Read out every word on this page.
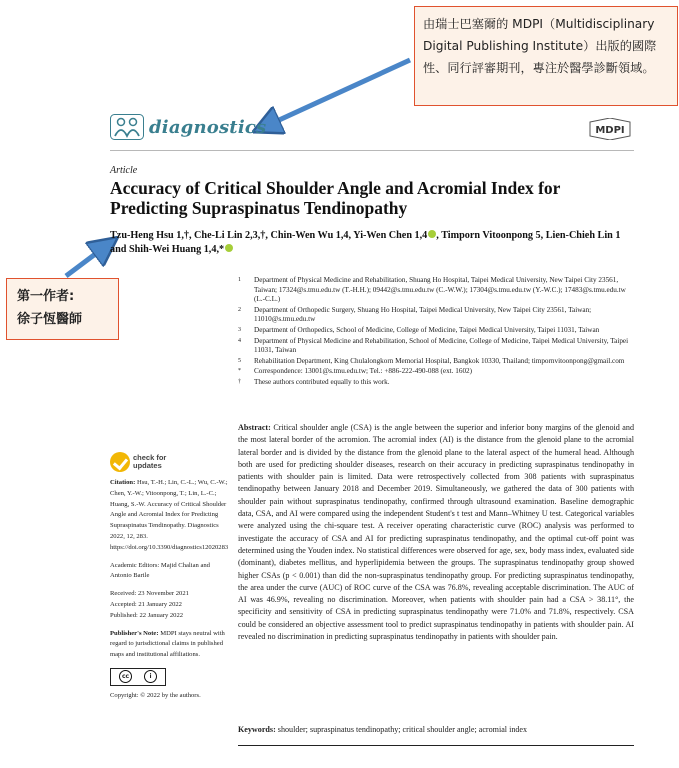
由瑞士巴塞爾的 MDPI（Multidisciplinary Digital Publishing Institute）出版的國際性、同行評審期刊，專注於醫學診斷領域。
第一作者:
徐子恆醫師
diagnostics	MDPI
Article
Accuracy of Critical Shoulder Angle and Acromial Index for Predicting Supraspinatus Tendinopathy
Tzu-Heng Hsu 1,†, Che-Li Lin 2,3,†, Chin-Wen Wu 1,4, Yi-Wen Chen 1,4 , Timporn Vitoonpong 5, Lien-Chieh Lin 1
and Shih-Wei Huang 1,4,*
1	Department of Physical Medicine and Rehabilitation, Shuang Ho Hospital, Taipei Medical University, New Taipei City 23561, Taiwan; 17324@s.tmu.edu.tw (T.-H.H.); 09442@s.tmu.edu.tw (C.-W.W.); 17304@s.tmu.edu.tw (Y.-W.C.); 17483@s.tmu.edu.tw (L.-C.L.)
2	Department of Orthopedic Surgery, Shuang Ho Hospital, Taipei Medical University, New Taipei City 23561, Taiwan; 11010@s.tmu.edu.tw
3	Department of Orthopedics, School of Medicine, College of Medicine, Taipei Medical University, Taipei 11031, Taiwan
4	Department of Physical Medicine and Rehabilitation, School of Medicine, College of Medicine, Taipei Medical University, Taipei 11031, Taiwan
5	Rehabilitation Department, King Chulalongkorn Memorial Hospital, Bangkok 10330, Thailand; timpornvitoonpong@gmail.com
*	Correspondence: 13001@s.tmu.edu.tw; Tel.: +886-222-490-088 (ext. 1602)
†	These authors contributed equally to this work.
check for
updates
Citation: Hsu, T.-H.; Lin, C.-L.; Wu, C.-W.; Chen, Y.-W.; Vitoonpong, T.; Lin, L.-C.; Huang, S.-W. Accuracy of Critical Shoulder Angle and Acromial Index for Predicting Supraspinatus Tendinopathy. Diagnostics 2022, 12, 283. https://doi.org/10.3390/diagnostics12020283
Academic Editors: Majid Chalian and Antonio Barile
Received: 23 November 2021
Accepted: 21 January 2022
Published: 22 January 2022
Publisher's Note: MDPI stays neutral with regard to jurisdictional claims in published maps and institutional affiliations.
cc	i
Copyright: © 2022 by the authors.
Abstract: Critical shoulder angle (CSA) is the angle between the superior and inferior bony margins of the glenoid and the most lateral border of the acromion. The acromial index (AI) is the distance from the glenoid plane to the acromial lateral border and is divided by the distance from the glenoid plane to the lateral aspect of the humeral head. Although both are used for predicting shoulder diseases, research on their accuracy in predicting supraspinatus tendinopathy in patients with shoulder pain is limited. Data were retrospectively collected from 308 patients with supraspinatus tendinopathy between January 2018 and December 2019. Simultaneously, we gathered the data of 300 patients with shoulder pain without supraspinatus tendinopathy, confirmed through ultrasound examination. Baseline demographic data, CSA, and AI were compared using the independent Student's t test and Mann–Whitney U test. Categorical variables were analyzed using the chi-square test. A receiver operating characteristic curve (ROC) analysis was performed to investigate the accuracy of CSA and AI for predicting supraspinatus tendinopathy, and the optimal cut-off point was determined using the Youden index. No statistical differences were observed for age, sex, body mass index, evaluated side (dominant), diabetes mellitus, and hyperlipidemia between the groups. The supraspinatus tendinopathy group showed higher CSAs (p < 0.001) than did the non-supraspinatus tendinopathy group. For predicting supraspinatus tendinopathy, the area under the curve (AUC) of ROC curve of the CSA was 76.8%, revealing acceptable discrimination. The AUC of AI was 46.9%, revealing no discrimination. Moreover, when patients with shoulder pain had a CSA > 38.11°, the specificity and sensitivity of CSA in predicting supraspinatus tendinopathy were 71.0% and 71.8%, respectively. CSA could be considered an objective assessment tool to predict supraspinatus tendinopathy in patients with shoulder pain. AI revealed no discrimination in predicting supraspinatus tendinopathy in patients with shoulder pain.
Keywords: shoulder; supraspinatus tendinopathy; critical shoulder angle; acromial index
